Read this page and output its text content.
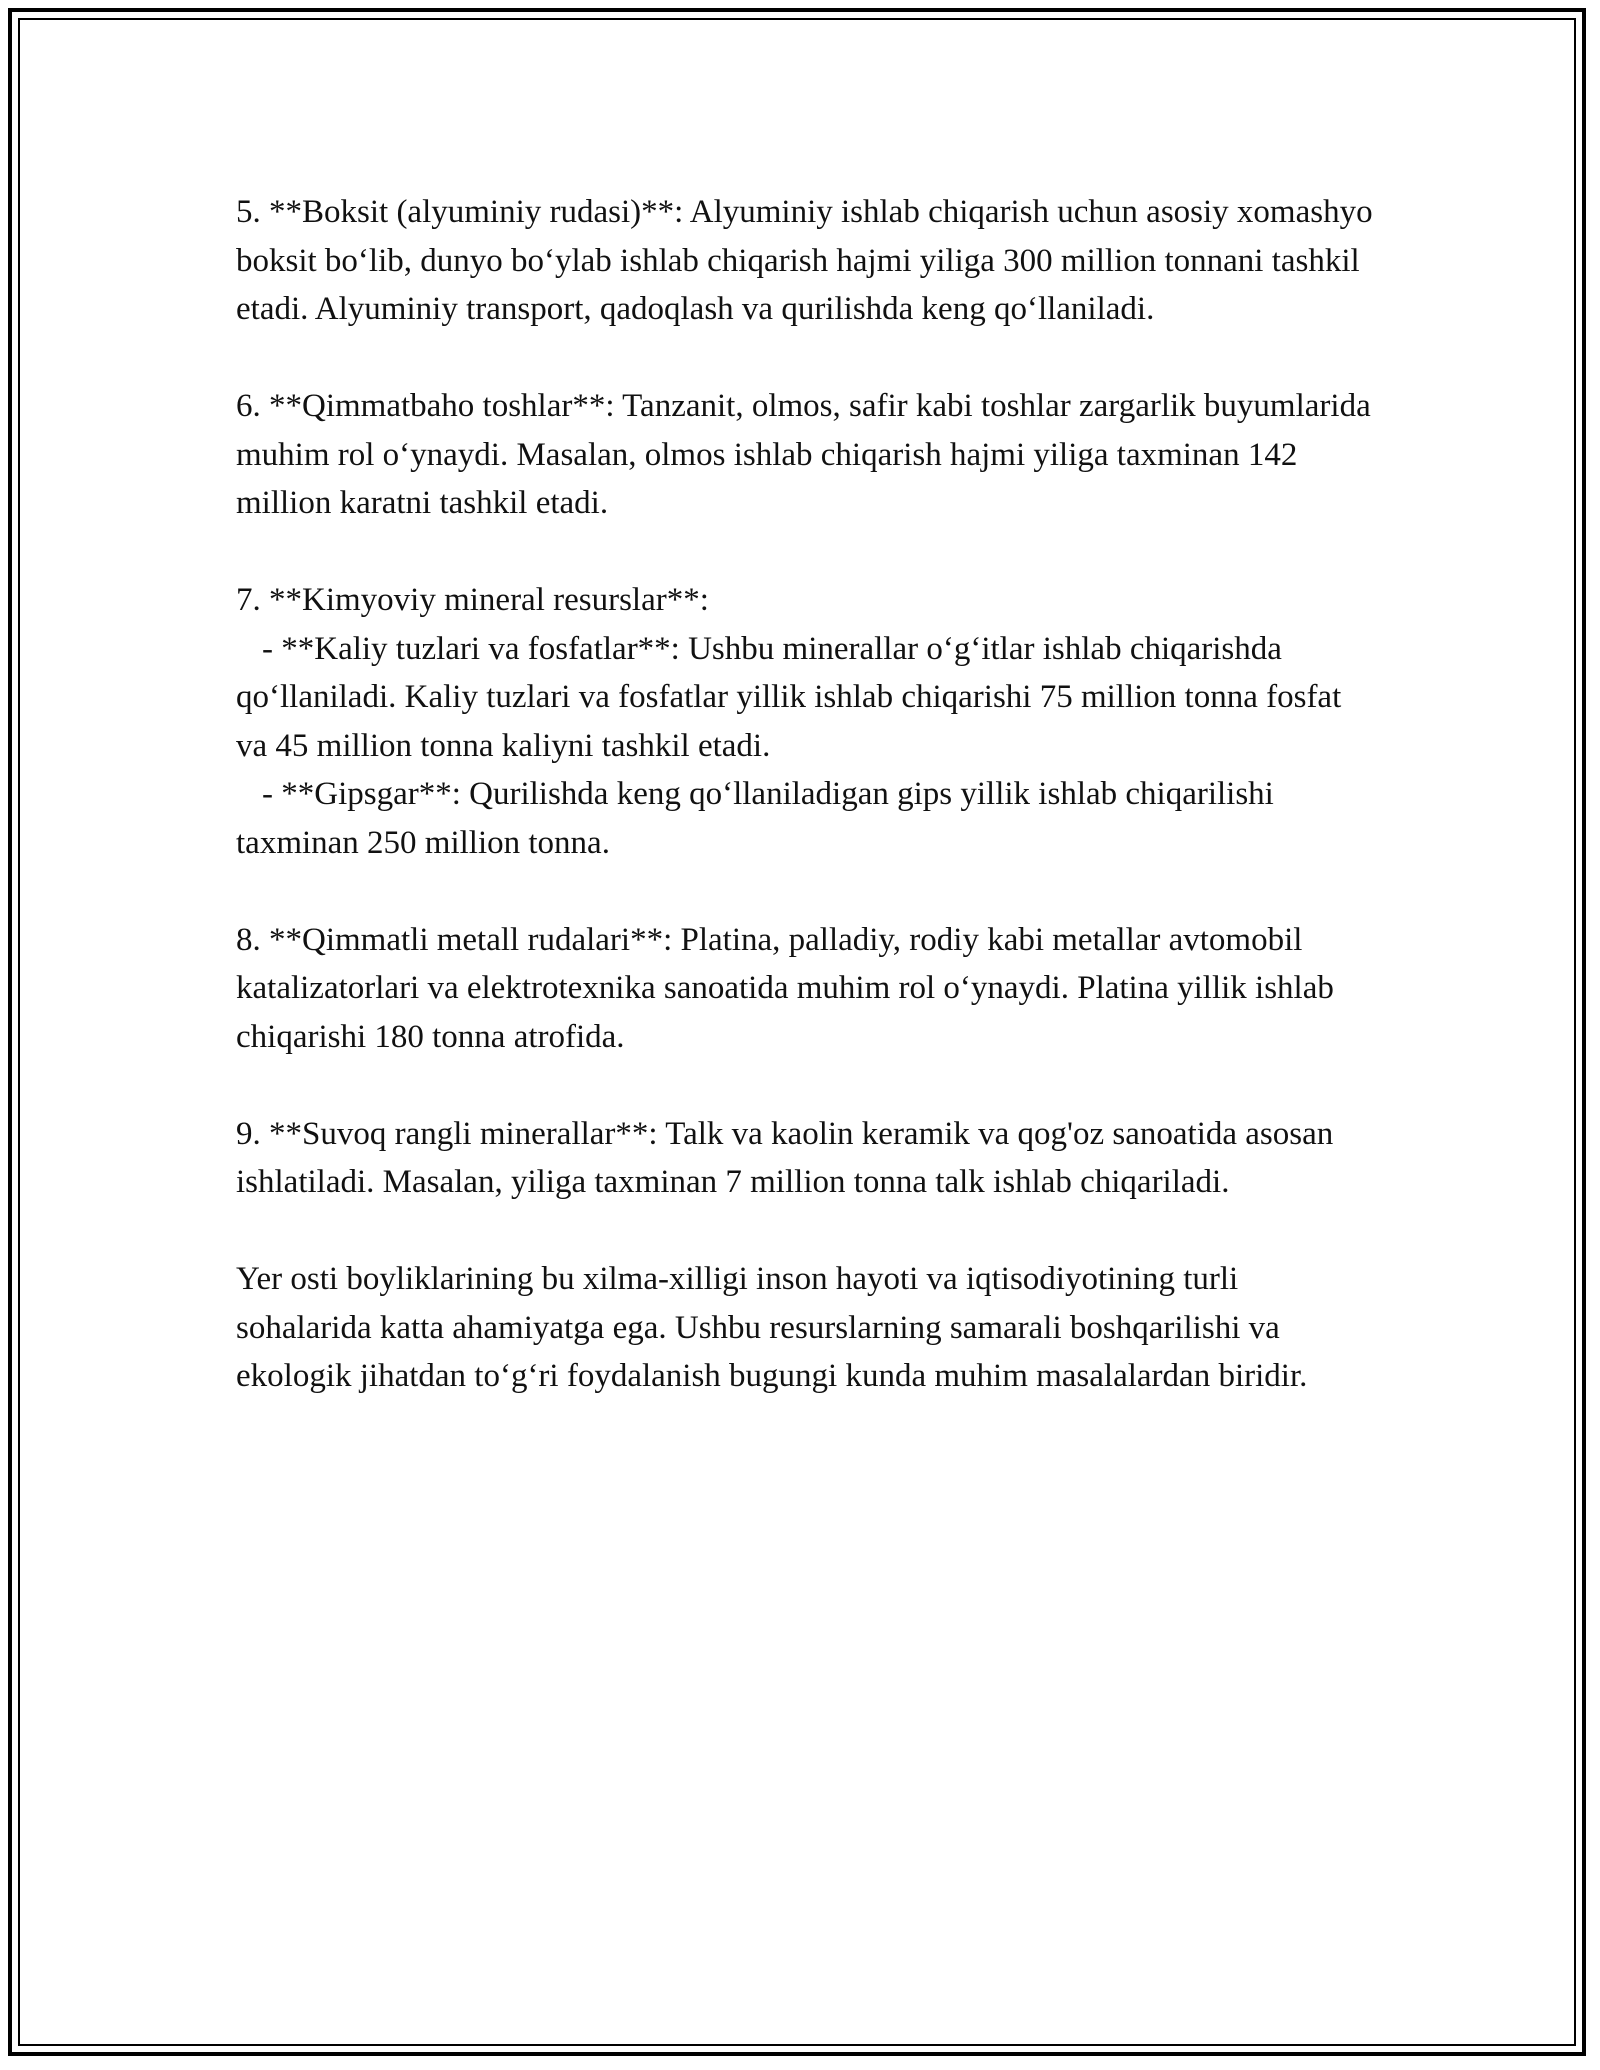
5. **Boksit (alyuminiy rudasi)**: Alyuminiy ishlab chiqarish uchun asosiy xomashyo boksit bo‘lib, dunyo bo‘ylab ishlab chiqarish hajmi yiliga 300 million tonnani tashkil etadi. Alyuminiy transport, qadoqlash va qurilishda keng qo‘llaniladi.

6. **Qimmatbaho toshlar**: Tanzanit, olmos, safir kabi toshlar zargarlik buyumlarida muhim rol o‘ynaydi. Masalan, olmos ishlab chiqarish hajmi yiliga taxminan 142 million karatni tashkil etadi.

7. **Kimyoviy mineral resurslar**:
- **Kaliy tuzlari va fosfatlar**: Ushbu minerallar o‘g‘itlar ishlab chiqarishda qo‘llaniladi. Kaliy tuzlari va fosfatlar yillik ishlab chiqarishi 75 million tonna fosfat va 45 million tonna kaliyni tashkil etadi.
- **Gipsgar**: Qurilishda keng qo‘llaniladigan gips yillik ishlab chiqarilishi taxminan 250 million tonna.

8. **Qimmatli metall rudalari**: Platina, palladiy, rodiy kabi metallar avtomobil katalizatorlari va elektrotexnika sanoatida muhim rol o‘ynaydi. Platina yillik ishlab chiqarishi 180 tonna atrofida.

9. **Suvoq rangli minerallar**: Talk va kaolin keramik va qog'oz sanoatida asosan ishlatiladi. Masalan, yiliga taxminan 7 million tonna talk ishlab chiqariladi.

Yer osti boyliklarining bu xilma-xilligi inson hayoti va iqtisodiyotining turli sohalarida katta ahamiyatga ega. Ushbu resurslarning samarali boshqarilishi va ekologik jihatdan to‘g‘ri foydalanish bugungi kunda muhim masalalardan biridir.
